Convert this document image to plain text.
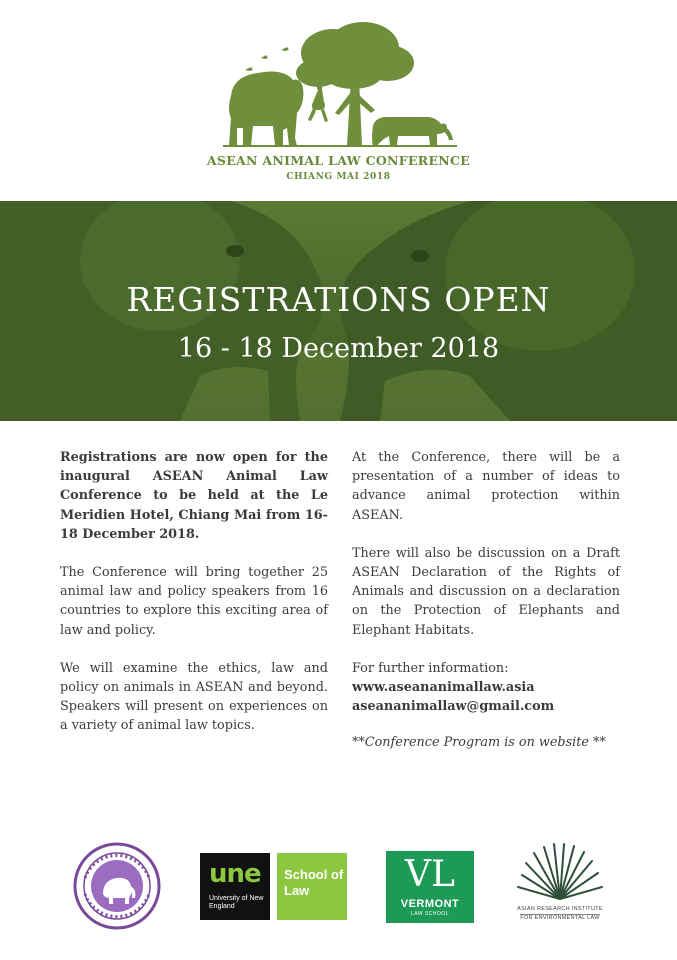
ASEAN ANIMAL LAW CONFERENCE
CHIANG MAI 2018
REGISTRATIONS OPEN
16 - 18 December 2018

Registrations are now open for the inaugural ASEAN Animal Law Conference to be held at the Le Meridien Hotel, Chiang Mai from 16-18 December 2018.

The Conference will bring together 25 animal law and policy speakers from 16 countries to explore this exciting area of law and policy.

We will examine the ethics, law and policy on animals in ASEAN and beyond. Speakers will present on experiences on a variety of animal law topics.

At the Conference, there will be a presentation of a number of ideas to advance animal protection within ASEAN.

There will also be discussion on a Draft ASEAN Declaration of the Rights of Animals and discussion on a declaration on the Protection of Elephants and Elephant Habitats.

For further information:
www.aseananimallaw.asia
aseananimallaw@gmail.com
**Conference Program is on website **
une
University of New England
School of Law	VL
VERMONT
LAW SCHOOL
ASIAN RESEARCH INSTITUTE
FOR ENVIRONMENTAL LAW
